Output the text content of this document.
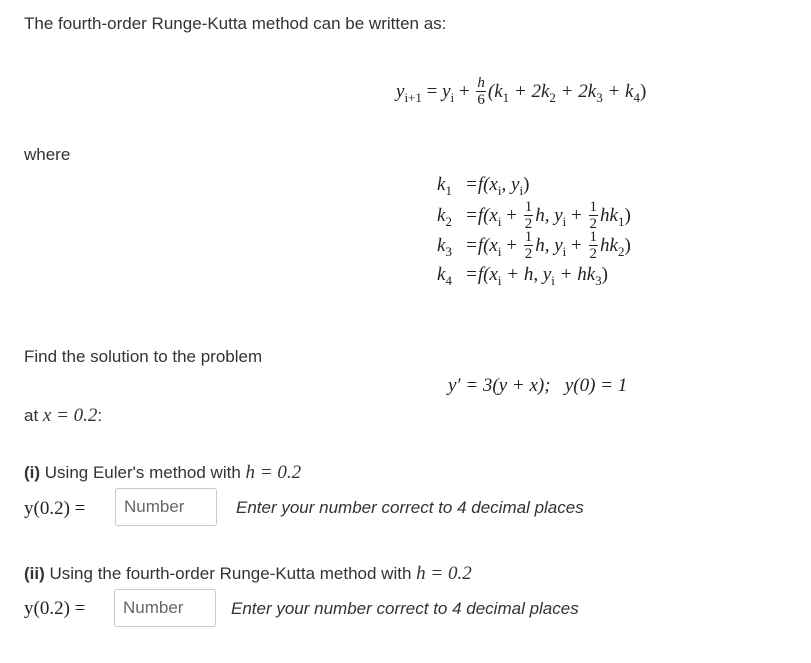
The fourth-order Runge-Kutta method can be written as:
$y_{i+1} = y_i + \frac{h}{6} (k_1 + 2k_2 + 2k_3 + k_4)$
where
$k_1 =f(x_i$, $y_i$)
$k_2 =f(x_i + \frac{1}{2} h$, $y_i + \frac{1}{2} hk_1$)
$k_3 =f(x_i + \frac{1}{2} h$, $y_i + \frac{1}{2} hk_2$)
$k_4 =f(x_i + h$, $y_i + hk_3$)
Find the solution to the problem
y′ = 3(y + x); y(0) = 1
at x = 0.2:
(i) Using Euler's method with h = 0.2
y(0.2) =
Number	Enter your number correct to 4 decimal places
(ii) Using the fourth-order Runge-Kutta method with h = 0.2
y(0.2) =
Number	Enter your number correct to 4 decimal places
